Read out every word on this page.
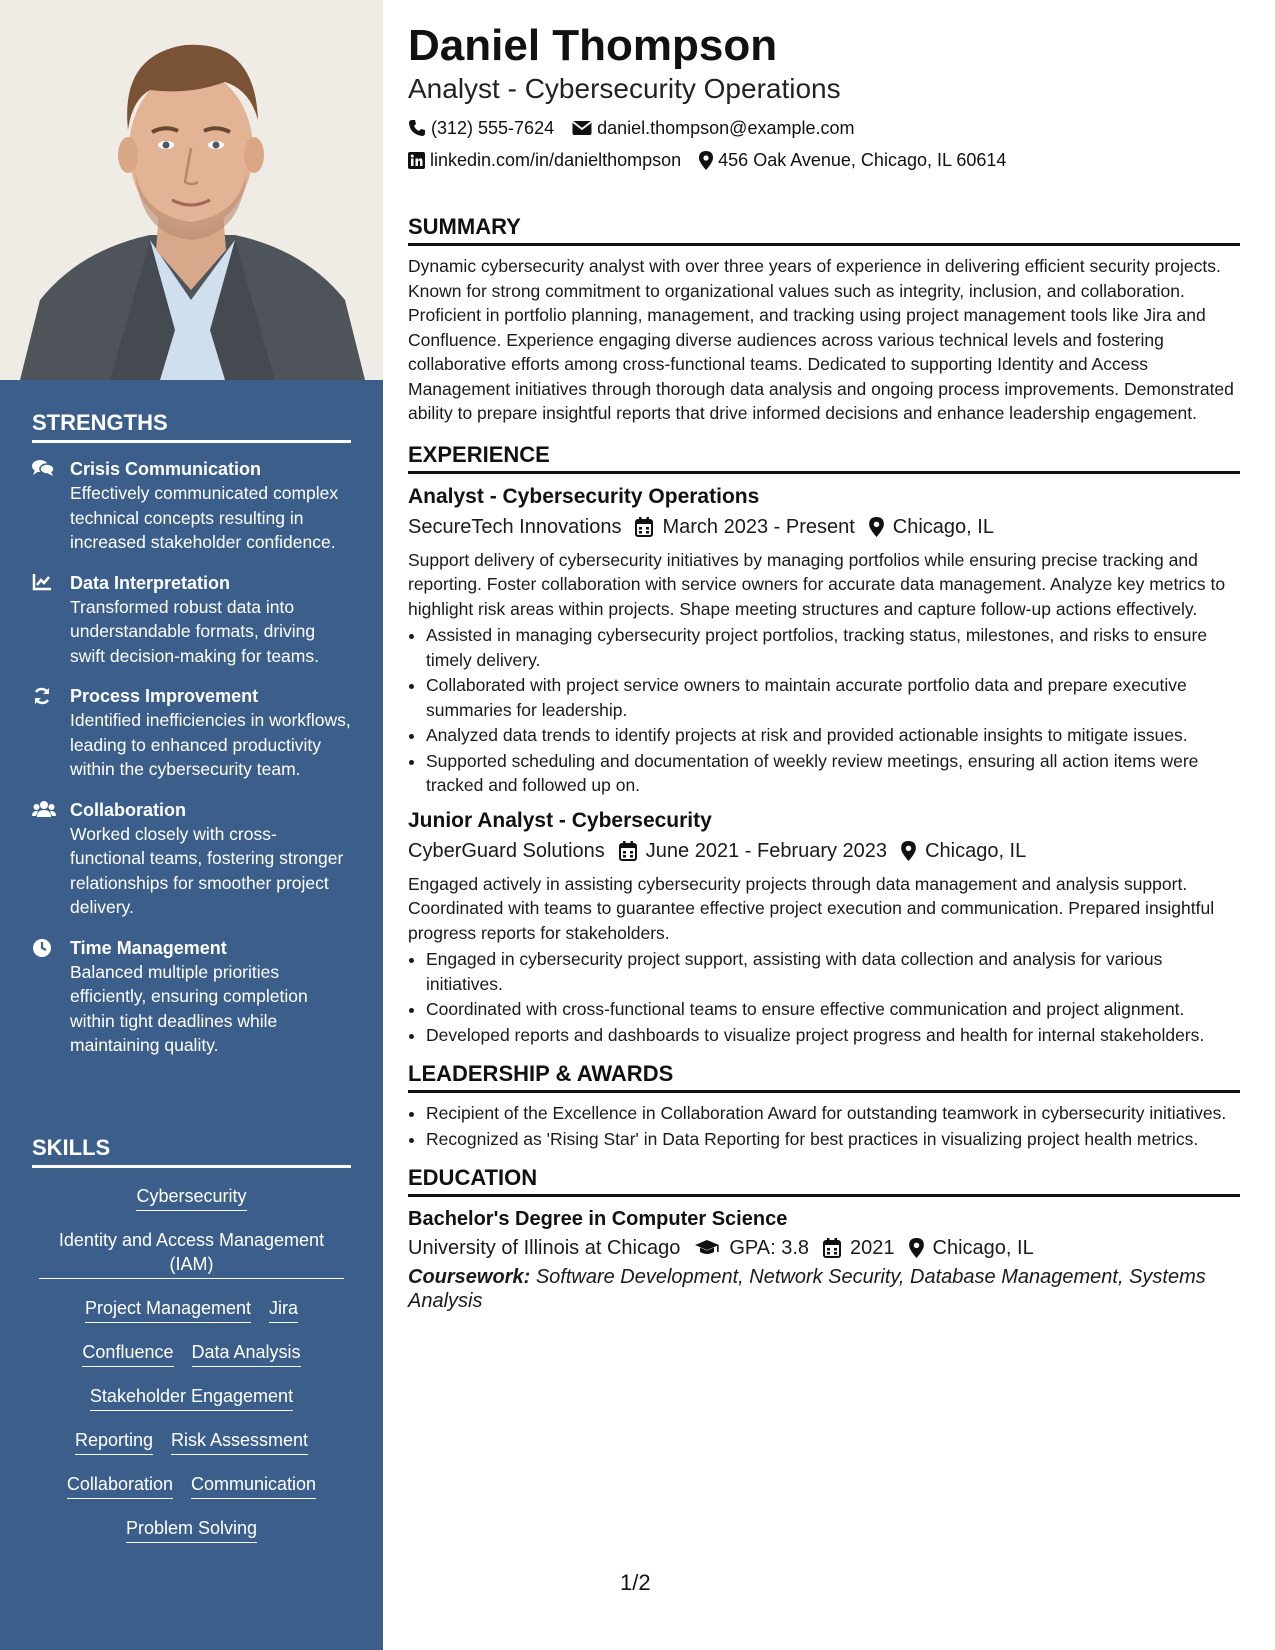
STRENGTHS
Crisis Communication
Effectively communicated complex technical concepts resulting in increased stakeholder confidence.
Data Interpretation
Transformed robust data into understandable formats, driving swift decision-making for teams.
Process Improvement
Identified inefficiencies in workflows, leading to enhanced productivity within the cybersecurity team.
Collaboration
Worked closely with cross-functional teams, fostering stronger relationships for smoother project delivery.
Time Management
Balanced multiple priorities efficiently, ensuring completion within tight deadlines while maintaining quality.
SKILLS
Cybersecurity
Identity and Access Management (IAM)
Project Management Jira
Confluence Data Analysis
Stakeholder Engagement
Reporting Risk Assessment
Collaboration Communication
Problem Solving
Daniel Thompson
Analyst - Cybersecurity Operations
(312) 555-7624 daniel.thompson@example.com
linkedin.com/in/danielthompson 456 Oak Avenue, Chicago, IL 60614
SUMMARY

Dynamic cybersecurity analyst with over three years of experience in delivering efficient security projects. Known for strong commitment to organizational values such as integrity, inclusion, and collaboration. Proficient in portfolio planning, management, and tracking using project management tools like Jira and Confluence. Experience engaging diverse audiences across various technical levels and fostering collaborative efforts among cross-functional teams. Dedicated to supporting Identity and Access Management initiatives through thorough data analysis and ongoing process improvements. Demonstrated ability to prepare insightful reports that drive informed decisions and enhance leadership engagement.

EXPERIENCE
Analyst - Cybersecurity Operations
SecureTech Innovations March 2023 - Present Chicago, IL

Support delivery of cybersecurity initiatives by managing portfolios while ensuring precise tracking and reporting. Foster collaboration with service owners for accurate data management. Analyze key metrics to highlight risk areas within projects. Shape meeting structures and capture follow-up actions effectively.

• Assisted in managing cybersecurity project portfolios, tracking status, milestones, and risks to ensure timely delivery.
• Collaborated with project service owners to maintain accurate portfolio data and prepare executive summaries for leadership.
• Analyzed data trends to identify projects at risk and provided actionable insights to mitigate issues.
• Supported scheduling and documentation of weekly review meetings, ensuring all action items were tracked and followed up on.
Junior Analyst - Cybersecurity
CyberGuard Solutions June 2021 - February 2023 Chicago, IL

Engaged actively in assisting cybersecurity projects through data management and analysis support. Coordinated with teams to guarantee effective project execution and communication. Prepared insightful progress reports for stakeholders.

• Engaged in cybersecurity project support, assisting with data collection and analysis for various initiatives.
• Coordinated with cross-functional teams to ensure effective communication and project alignment.
• Developed reports and dashboards to visualize project progress and health for internal stakeholders.
LEADERSHIP & AWARDS
• Recipient of the Excellence in Collaboration Award for outstanding teamwork in cybersecurity initiatives.
• Recognized as 'Rising Star' in Data Reporting for best practices in visualizing project health metrics.
EDUCATION
Bachelor's Degree in Computer Science
University of Illinois at Chicago GPA: 3.8 2021 Chicago, IL
Coursework: Software Development, Network Security, Database Management, Systems Analysis
1/2
